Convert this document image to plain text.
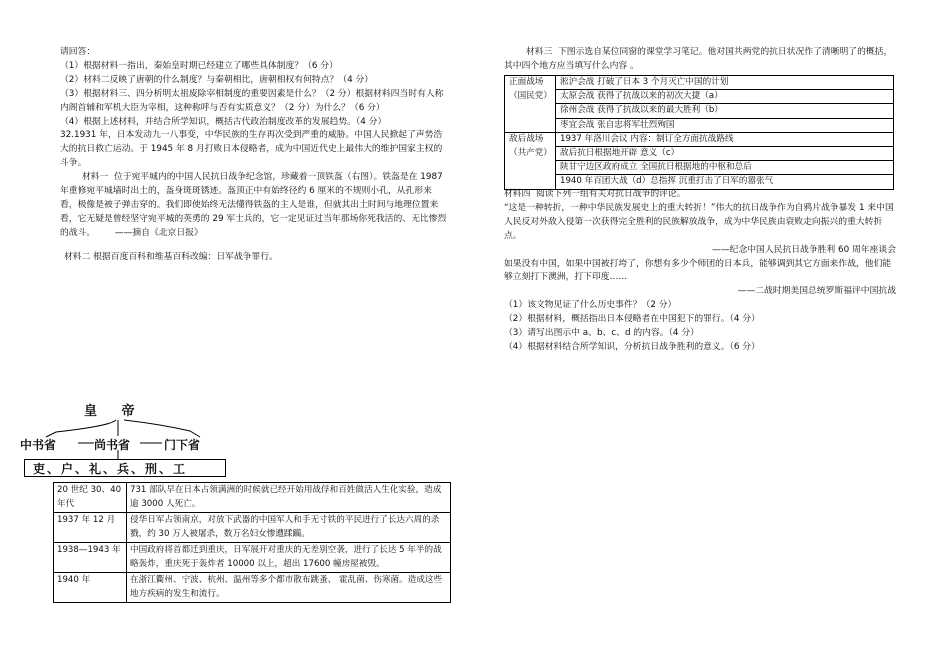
请回答：
（1）根据材料一指出，秦始皇时期已经建立了哪些具体制度？（6 分）
（2）材料二反映了唐朝的什么制度？与秦朝相比，唐朝相权有何特点？（4 分）
（3）根据材料三、四分析明太祖废除宰相制度的重要因素是什么？（2 分）根据材料四当时有人称内阁首辅和军机大臣为宰相，这种称呼与否有实质意义？（2 分）为什么？（6 分）
（4）根据上述材料，并结合所学知识，概括古代政治制度改革的发展趋势。（4 分）
32.1931 年，日本发动九一八事变，中华民族的生存再次受到严重的威胁。中国人民掀起了声势浩大的抗日救亡运动。于 1945 年 8 月打败日本侵略者，成为中国近代史上最伟大的维护国家主权的斗争。
材料一  位于宛平城内的中国人民抗日战争纪念馆，珍藏着一顶铁盔（右图）。铁盔是在 1987 年重修宛平城墙时出土的，盔身斑斑锈迹。盔顶正中有始终径约 6 厘米的不规则小孔，从孔形来看，极像是被子弹击穿的。我们即使始终无法懂得铁盔的主人是谁，但就其出土时间与地理位置来看，它无疑是曾经坚守宛平城的英勇的 29 军士兵的，它一定见证过当年那场你死我活的、无比惨烈的战斗。       ——摘自《北京日报》
材料二 根据百度百科和维基百科改编：日军战争罪行。
皇 帝
中书省	尚书省	门下省
吏、户、礼、兵、刑、工
20 世纪 30、40 年代	731 部队早在日本占领满洲的时候就已经开始用战俘和百姓做活人生化实验，造成逾 3000 人死亡。
1937 年 12 月	侵华日军占领南京，对放下武器的中国军人和手无寸铁的平民进行了长达六周的杀戮，约 30 万人被屠杀，数万名妇女惨遭蹂躏。
1938—1943 年	中国政府将首都迁到重庆，日军展开对重庆的无差别空袭，进行了长达 5 年半的战略轰炸，重庆死于轰炸者 10000 以上，超出 17600 幢房屋被毁。
1940 年	在浙江衢州、宁波、杭州、温州等多个都市散布跳蚤、 霍乱菌、伤寒菌。造成这些地方疾病的发生和流行。
材料三  下图示选自某位同窗的课堂学习笔记。他对国共两党的抗日状况作了清晰明了的概括，其中四个地方应当填写什么内容 。
正面战场（国民党）	淞沪会战 打破了日本 3 个月灭亡中国的计划
	太原会战 获得了抗战以来的初次大捷（a）
	徐州会战 获得了抗战以来的最大胜利（b）
	枣宜会战 张自忠将军壮烈殉国
敌后战场（共产党）	1937 年洛川会议 内容：制订全方面抗战路线
	敌后抗日根据地开辟 意义（c）
	陕甘宁边区政府成立 全国抗日根据地的中枢和总后
	1940 年百团大战（d）总指挥 沉重打击了日军的嚣张气
材料四  阅读下列一组有关对抗日战争的评论。
“这是一种转折，一种中华民族发展史上的重大转折！”伟大的抗日战争作为自鸦片战争暴发 1 来中国人民反对外敌入侵第一次获得完全胜利的民族解放战争，成为中华民族由衰败走向振兴的重大转折点。
——纪念中国人民抗日战争胜利 60 周年座谈会
如果没有中国，如果中国被打垮了，你想有多少个师团的日本兵，能够调到其它方面来作战，他们能够立刻打下澳洲，打下印度……
——二战时期美国总统罗斯福评中国抗战
（1）该文物见证了什么历史事件？（2 分）
（2）根据材料，概括指出日本侵略者在中国犯下的罪行。（4 分）
（3）请写出图示中 a、b、c、d 的内容。（4 分）
（4）根据材料结合所学知识，分析抗日战争胜利的意义。（6 分）
